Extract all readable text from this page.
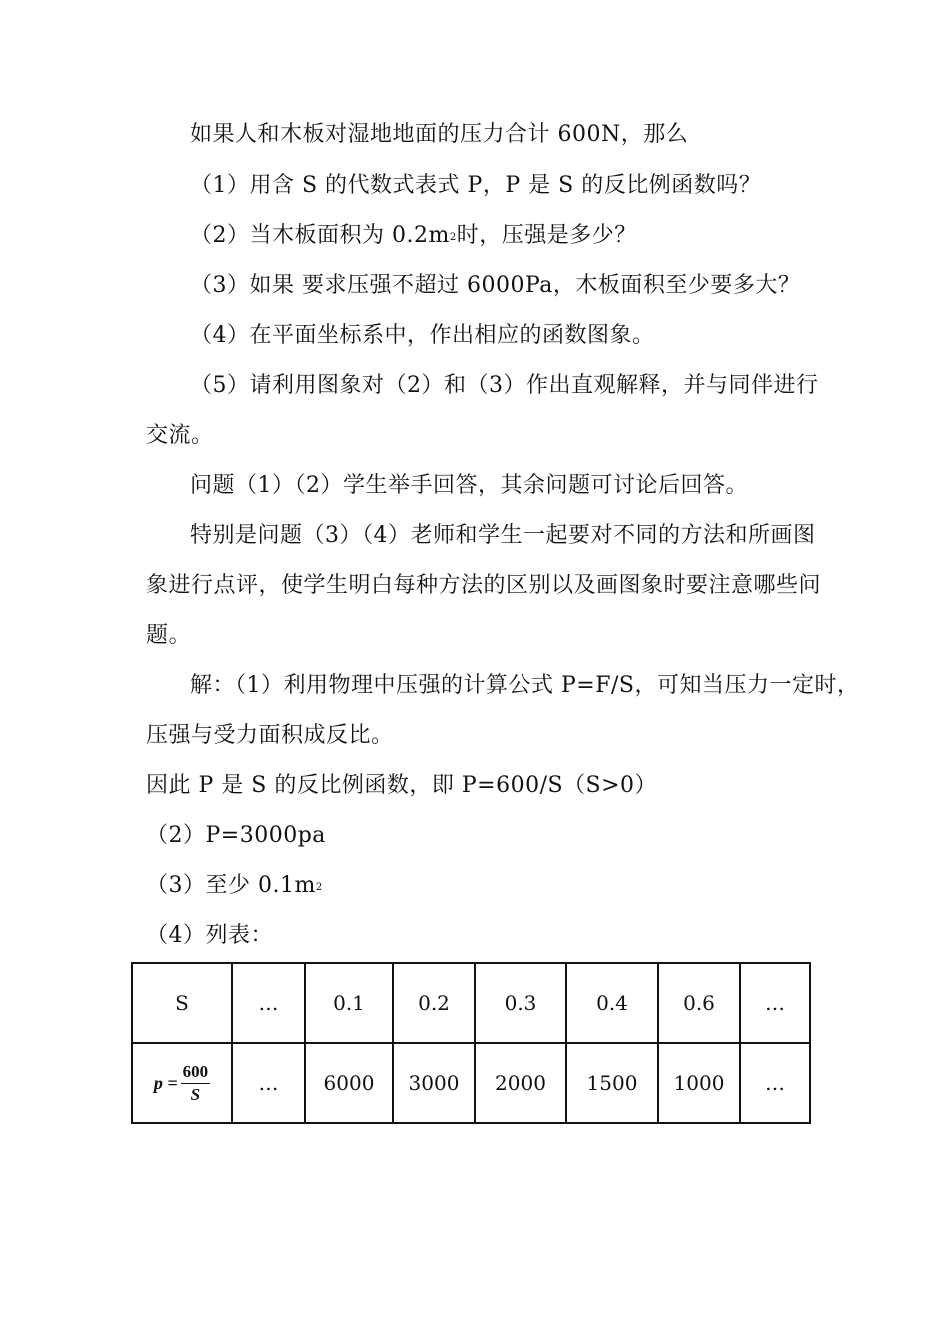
如果人和木板对湿地地面的压力合计 600N，那么
（1）用含 S 的代数式表式 P，P 是 S 的反比例函数吗？
（2）当木板面积为 $0.2m^2$时，压强是多少？
（3）如果 要求压强不超过 6000Pa，木板面积至少要多大？
（4）在平面坐标系中，作出相应的函数图象。
（5）请利用图象对（2）和（3）作出直观解释，并与同伴进行
交流。
问题（1）（2）学生举手回答，其余问题可讨论后回答。
特别是问题（3）（4）老师和学生一起要对不同的方法和所画图
象进行点评，使学生明白每种方法的区别以及画图象时要注意哪些问
题。
解：（1）利用物理中压强的计算公式 P=F/S，可知当压力一定时，
压强与受力面积成反比。
因此 P 是 S 的反比例函数，即 P=600/S（S>0）
（2）P=3000pa
（3）至少 $0.1m^2$
（4）列表：
S	…	0.1	0.2	0.3	0.4	0.6	…

$p = \frac{600}{S}$	…	6000	3000	2000	1500	1000	…
